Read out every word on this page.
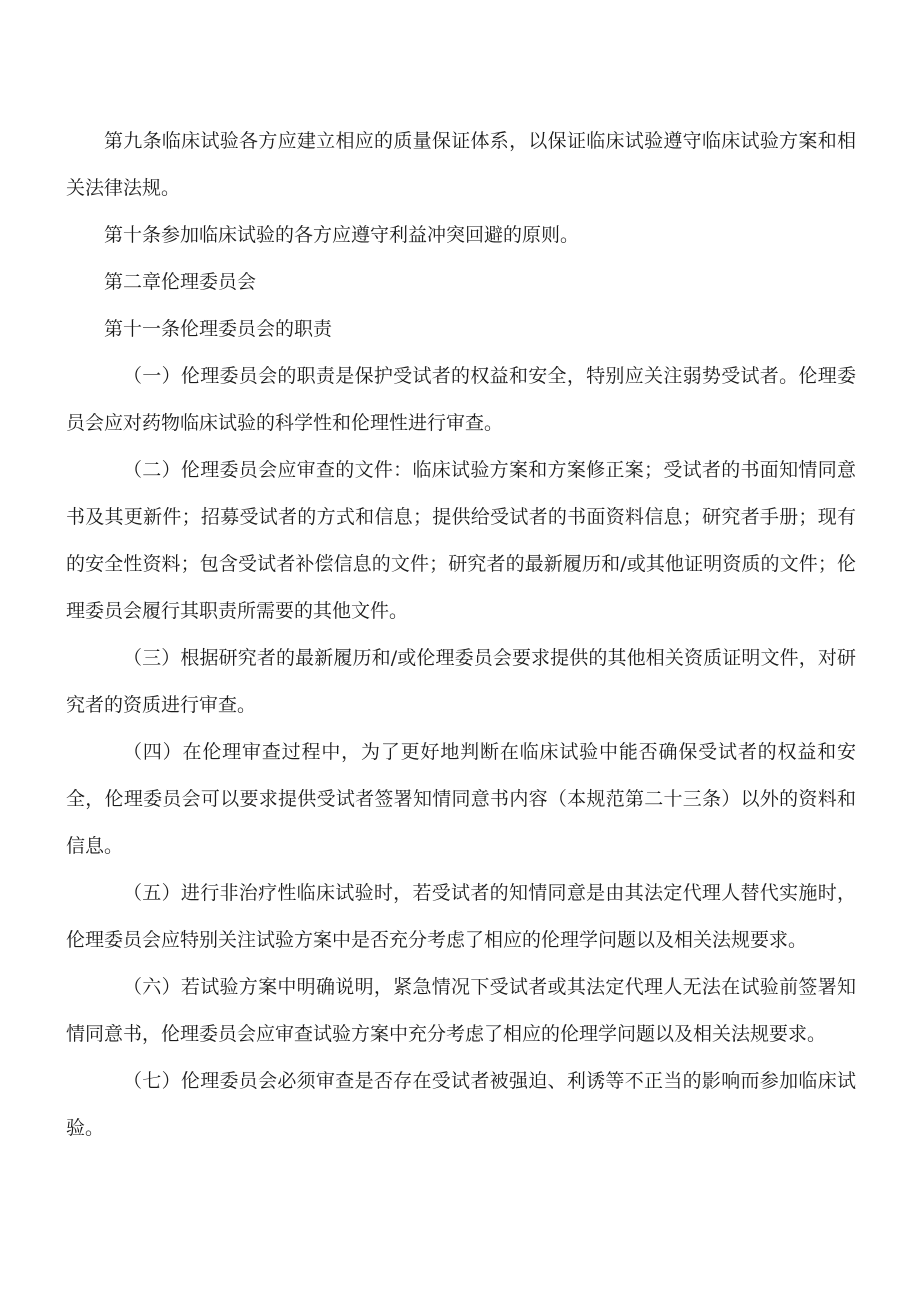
第九条临床试验各方应建立相应的质量保证体系，以保证临床试验遵守临床试验方案和相关法律法规。

第十条参加临床试验的各方应遵守利益冲突回避的原则。

第二章伦理委员会

第十一条伦理委员会的职责

（一）伦理委员会的职责是保护受试者的权益和安全，特别应关注弱势受试者。伦理委员会应对药物临床试验的科学性和伦理性进行审查。

（二）伦理委员会应审查的文件：临床试验方案和方案修正案；受试者的书面知情同意书及其更新件；招募受试者的方式和信息；提供给受试者的书面资料信息；研究者手册；现有的安全性资料；包含受试者补偿信息的文件；研究者的最新履历和/或其他证明资质的文件；伦理委员会履行其职责所需要的其他文件。

（三）根据研究者的最新履历和/或伦理委员会要求提供的其他相关资质证明文件，对研究者的资质进行审查。

（四）在伦理审查过程中，为了更好地判断在临床试验中能否确保受试者的权益和安全，伦理委员会可以要求提供受试者签署知情同意书内容（本规范第二十三条）以外的资料和信息。

（五）进行非治疗性临床试验时，若受试者的知情同意是由其法定代理人替代实施时，伦理委员会应特别关注试验方案中是否充分考虑了相应的伦理学问题以及相关法规要求。

（六）若试验方案中明确说明，紧急情况下受试者或其法定代理人无法在试验前签署知情同意书，伦理委员会应审查试验方案中充分考虑了相应的伦理学问题以及相关法规要求。

（七）伦理委员会必须审查是否存在受试者被强迫、利诱等不正当的影响而参加临床试验。
